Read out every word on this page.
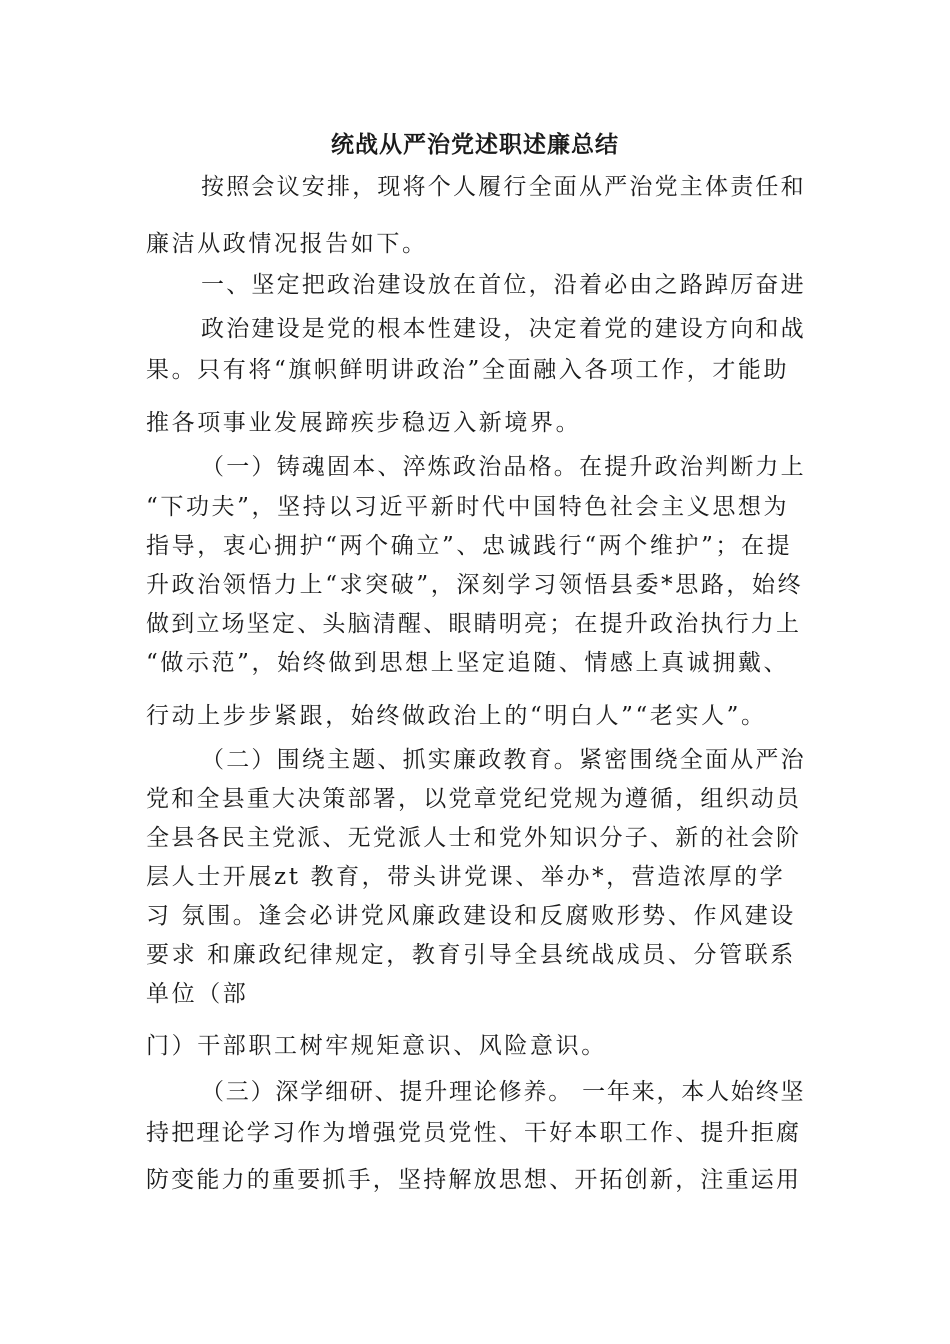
统战从严治党述职述廉总结
按照会议安排，现将个人履行全面从严治党主体责任和
廉洁从政情况报告如下。
一、坚定把政治建设放在首位，沿着必由之路踔厉奋进
政治建设是党的根本性建设，决定着党的建设方向和战
果。只有将“旗帜鲜明讲政治”全面融入各项工作，才能助
推各项事业发展蹄疾步稳迈入新境界。
（一）铸魂固本、淬炼政治品格。在提升政治判断力上
“下功夫”，坚持以习近平新时代中国特色社会主义思想为
指导，衷心拥护“两个确立”、忠诚践行“两个维护”；在提
升政治领悟力上“求突破”，深刻学习领悟县委*思路，始终
做到立场坚定、头脑清醒、眼睛明亮；在提升政治执行力上
“做示范”，始终做到思想上坚定追随、情感上真诚拥戴、
行动上步步紧跟，始终做政治上的“明白人”“老实人”。
（二）围绕主题、抓实廉政教育。紧密围绕全面从严治
党和全县重大决策部署，以党章党纪党规为遵循，组织动员
全县各民主党派、无党派人士和党外知识分子、新的社会阶
层人士开展zt 教育，带头讲党课、举办*，营造浓厚的学
习 氛围。逢会必讲党风廉政建设和反腐败形势、作风建设
要求 和廉政纪律规定，教育引导全县统战成员、分管联系
单位（部
门）干部职工树牢规矩意识、风险意识。
（三）深学细研、提升理论修养。 一年来，本人始终坚
持把理论学习作为增强党员党性、干好本职工作、提升拒腐
防变能力的重要抓手，坚持解放思想、开拓创新，注重运用
